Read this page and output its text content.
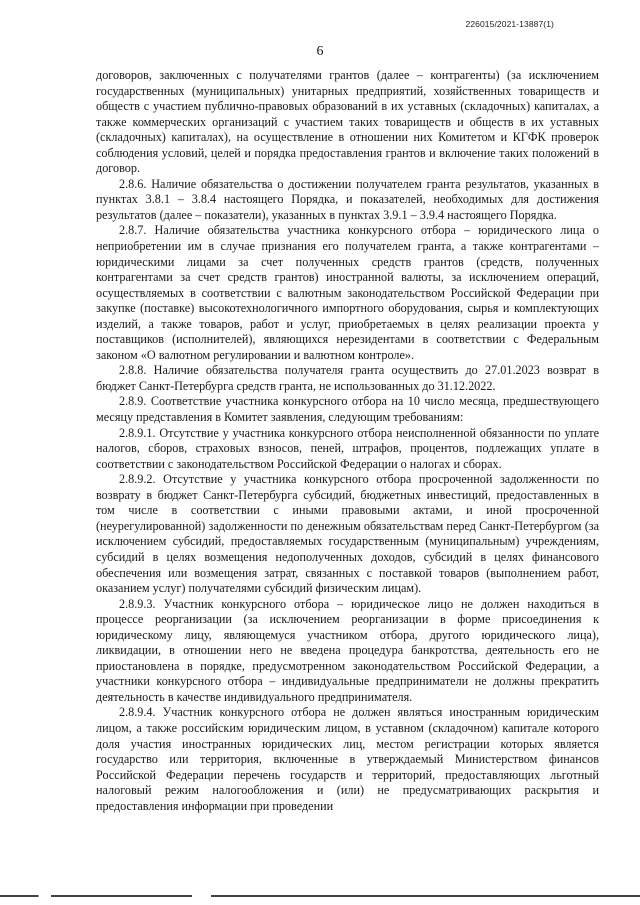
226015/2021-13887(1)
6

договоров, заключенных с получателями грантов (далее – контрагенты) (за исключением государственных (муниципальных) унитарных предприятий, хозяйственных товариществ и обществ с участием публично-правовых образований в их уставных (складочных) капиталах, а также коммерческих организаций с участием таких товариществ и обществ в их уставных (складочных) капиталах), на осуществление в отношении них Комитетом и КГФК проверок соблюдения условий, целей и порядка предоставления грантов и включение таких положений в договор.

2.8.6. Наличие обязательства о достижении получателем гранта результатов, указанных в пунктах 3.8.1 – 3.8.4 настоящего Порядка, и показателей, необходимых для достижения результатов (далее – показатели), указанных в пунктах 3.9.1 – 3.9.4 настоящего Порядка.

2.8.7. Наличие обязательства участника конкурсного отбора – юридического лица о неприобретении им в случае признания его получателем гранта, а также контрагентами – юридическими лицами за счет полученных средств грантов (средств, полученных контрагентами за счет средств грантов) иностранной валюты, за исключением операций, осуществляемых в соответствии с валютным законодательством Российской Федерации при закупке (поставке) высокотехнологичного импортного оборудования, сырья и комплектующих изделий, а также товаров, работ и услуг, приобретаемых в целях реализации проекта у поставщиков (исполнителей), являющихся нерезидентами в соответствии с Федеральным законом «О валютном регулировании и валютном контроле».

2.8.8. Наличие обязательства получателя гранта осуществить до 27.01.2023 возврат в бюджет Санкт-Петербурга средств гранта, не использованных до 31.12.2022.

2.8.9. Соответствие участника конкурсного отбора на 10 число месяца, предшествующего месяцу представления в Комитет заявления, следующим требованиям:

2.8.9.1. Отсутствие у участника конкурсного отбора неисполненной обязанности по уплате налогов, сборов, страховых взносов, пеней, штрафов, процентов, подлежащих уплате в соответствии с законодательством Российской Федерации о налогах и сборах.

2.8.9.2. Отсутствие у участника конкурсного отбора просроченной задолженности по возврату в бюджет Санкт-Петербурга субсидий, бюджетных инвестиций, предоставленных в том числе в соответствии с иными правовыми актами, и иной просроченной (неурегулированной) задолженности по денежным обязательствам перед Санкт-Петербургом (за исключением субсидий, предоставляемых государственным (муниципальным) учреждениям, субсидий в целях возмещения недополученных доходов, субсидий в целях финансового обеспечения или возмещения затрат, связанных с поставкой товаров (выполнением работ, оказанием услуг) получателями субсидий физическим лицам).

2.8.9.3. Участник конкурсного отбора – юридическое лицо не должен находиться в процессе реорганизации (за исключением реорганизации в форме присоединения к юридическому лицу, являющемуся участником отбора, другого юридического лица), ликвидации, в отношении него не введена процедура банкротства, деятельность его не приостановлена в порядке, предусмотренном законодательством Российской Федерации, а участники конкурсного отбора – индивидуальные предприниматели не должны прекратить деятельность в качестве индивидуального предпринимателя.

2.8.9.4. Участник конкурсного отбора не должен являться иностранным юридическим лицом, а также российским юридическим лицом, в уставном (складочном) капитале которого доля участия иностранных юридических лиц, местом регистрации которых является государство или территория, включенные в утверждаемый Министерством финансов Российской Федерации перечень государств и территорий, предоставляющих льготный налоговый режим налогообложения и (или) не предусматривающих раскрытия и предоставления информации при проведении
